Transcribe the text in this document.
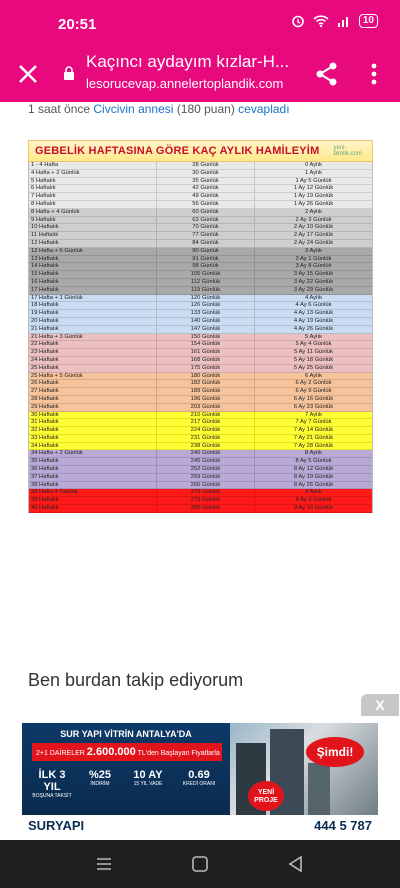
20:51	10
Kaçıncı aydayım kızlar-H...
lesorucevap.annelertoplandik.com
1 saat önce Civcivin annesi (180 puan) cevapladı
GEBELİK HAFTASINA GÖRE KAÇ AYLIK HAMİLEYİM yeni-bimlik.com
1 - 4 Hafta	28 Günlük	0 Aylık
4 Hafta + 2 Günlük	30 Günlük	1 Aylık
5 Haftalık	35 Günlük	1 Ay 5 Günlük
6 Haftalık	42 Günlük	1 Ay 12 Günlük
7 Haftalık	49 Günlük	1 Ay 19 Günlük
8 Haftalık	56 Günlük	1 Ay 26 Günlük
8 Hafta + 4 Günlük	60 Günlük	2 Aylık
9 Haftalık	63 Günlük	2 Ay 3 Günlük
10 Haftalık	70 Günlük	2 Ay 10 Günlük
11 Haftalık	77 Günlük	2 Ay 17 Günlük
12 Haftalık	84 Günlük	2 Ay 24 Günlük
12 Hafta + 6 Günlük	90 Günlük	3 Aylık
13 Haftalık	91 Günlük	3 Ay 1 Günlük
14 Haftalık	98 Günlük	3 Ay 8 Günlük
15 Haftalık	105 Günlük	3 Ay 15 Günlük
16 Haftalık	112 Günlük	3 Ay 22 Günlük
17 Haftalık	119 Günlük	3 Ay 29 Günlük
17 Hafta + 1 Günlük	120 Günlük	4 Aylık
18 Haftalık	126 Günlük	4 Ay 6 Günlük
19 Haftalık	133 Günlük	4 Ay 13 Günlük
20 Haftalık	140 Günlük	4 Ay 19 Günlük
21 Haftalık	147 Günlük	4 Ay 26 Günlük
21 Hafta + 3 Günlük	150 Günlük	5 Aylık
22 Haftalık	154 Günlük	5 Ay 4 Günlük
23 Haftalık	161 Günlük	5 Ay 11 Günlük
24 Haftalık	168 Günlük	5 Ay 18 Günlük
25 Haftalık	175 Günlük	5 Ay 25 Günlük
25 Hafta + 5 Günlük	180 Günlük	6 Aylık
26 Haftalık	182 Günlük	6 Ay 2 Günlük
27 Haftalık	189 Günlük	6 Ay 9 Günlük
28 Haftalık	196 Günlük	6 Ay 16 Günlük
29 Haftalık	203 Günlük	6 Ay 23 Günlük
30 Haftalık	210 Günlük	7 Aylık
31 Haftalık	217 Günlük	7 Ay 7 Günlük
32 Haftalık	224 Günlük	7 Ay 14 Günlük
33 Haftalık	231 Günlük	7 Ay 21 Günlük
34 Haftalık	238 Günlük	7 Ay 28 Günlük
34 Hafta + 2 Günlük	240 Günlük	8 Aylık
35 Haftalık	245 Günlük	8 Ay 5 Günlük
36 Haftalık	252 Günlük	8 Ay 12 Günlük
37 Haftalık	259 Günlük	8 Ay 19 Günlük
38 Haftalık	266 Günlük	8 Ay 26 Günlük
38 Hafta 4 Günlük	270 Günlük	9 Aylık
39 Haftalık	273 Günlük	9 Ay 3 Günlük
40 Haftalık	280 Günlük	9 Ay 10 Günlük
Ben burdan takip ediyorum
X
SUR YAPI VİTRİN ANTALYA'DA
2+1 DAİRELER 2.600.000 TL'den Başlayan Fiyatlarla
İLK 3 YIL
BOŞUNA TAKSİT
%25
İNDİRİM
10 AY
15 YIL VADE
0.69
KREDİ ORANI
Şimdi!
YENİ PROJE
SURYAPI	444 5 787
